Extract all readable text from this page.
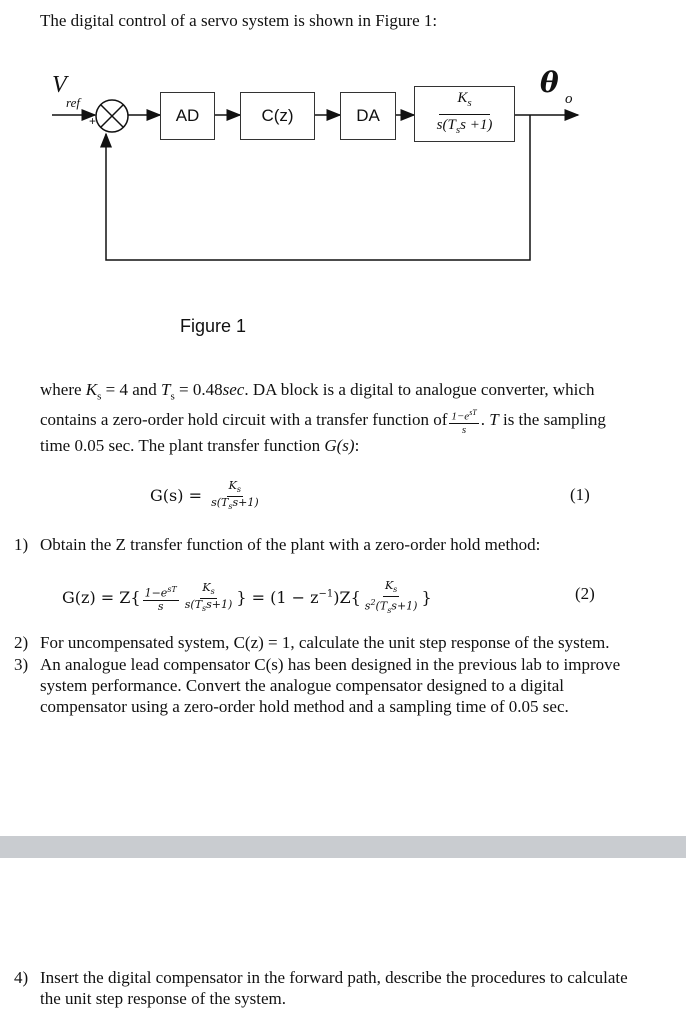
The digital control of a servo system is shown in Figure 1:
V
ref
+
-
AD	C(z)	DA
$K_s$
$s(T_ss +1)$
θ o
Figure 1
where $K_s = 4$ and $T_s = 0.48\sec$. DA block is a digital to analogue converter, which
contains a zero-order hold circuit with a transfer function of $\frac{1-e^{sT}}{s}$ . T is the sampling
time 0.05 sec. The plant transfer function G(s):
$G(s) = \frac{K_s}{s(T_ss+1)}$	(1)
1) Obtain the Z transfer function of the plant with a zero-order hold method:
$G(z) = Z\{ \frac{1-e^{sT}}{s} \frac{K_s}{s(T_ss+1)}$ } = $(1 - z^{-1})Z\{ \frac{K_s}{s^2(T_ss+1)}$ }	(2)
2) For uncompensated system, C(z) = 1, calculate the unit step response of the system.
3) An analogue lead compensator C(s) has been designed in the previous lab to improve
system performance. Convert the analogue compensator designed to a digital
compensator using a zero-order hold method and a sampling time of 0.05 sec.
4) Insert the digital compensator in the forward path, describe the procedures to calculate
the unit step response of the system.
